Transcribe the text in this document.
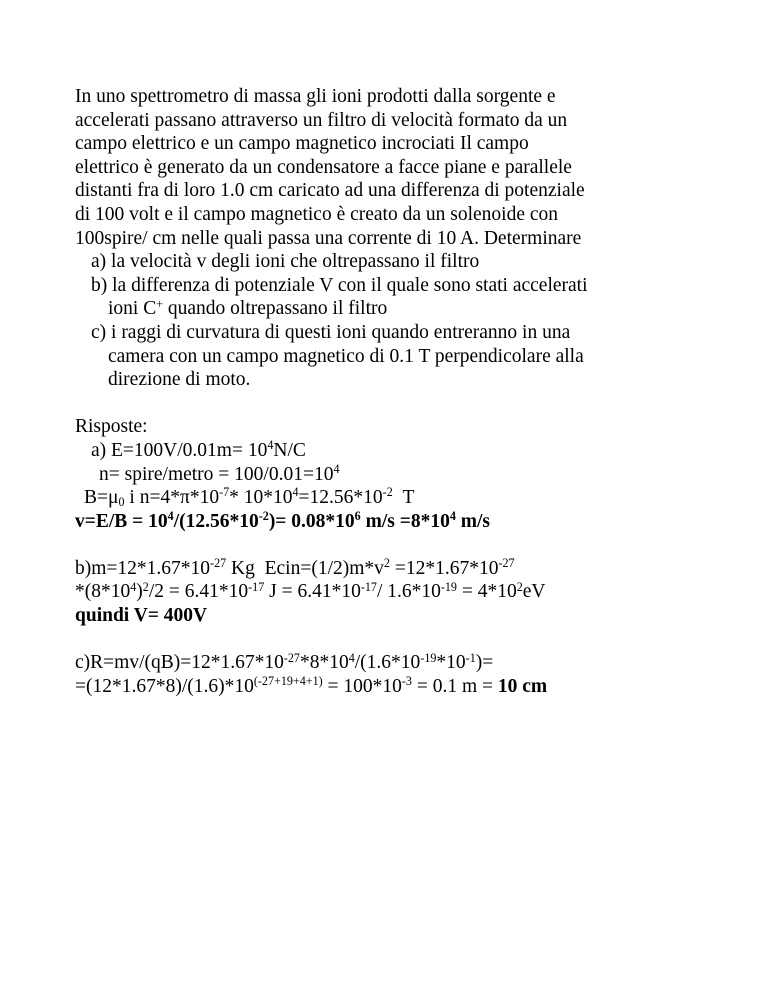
In uno spettrometro di massa gli ioni prodotti dalla sorgente e
accelerati passano attraverso un filtro di velocità formato da un
campo elettrico e un campo magnetico incrociati Il campo
elettrico è generato da un condensatore a facce piane e parallele
distanti fra di loro 1.0 cm caricato ad una differenza di potenziale
di 100 volt e il campo magnetico è creato da un solenoide con
100spire/ cm nelle quali passa una corrente di 10 A. Determinare
a) la velocità v degli ioni che oltrepassano il filtro
b) la differenza di potenziale V con il quale sono stati accelerati
ioni C+ quando oltrepassano il filtro
c) i raggi di curvatura di questi ioni quando entreranno in una
camera con un campo magnetico di 0.1 T perpendicolare alla
direzione di moto.
Risposte:
a) $E=100V/0.01m= 10^4N/C$
n= spire/metro = $100/0.01=10^4$
$B=\mu_0$ i $n=4*\pi*10^{-7}*$ $10*10^4=12.56*10^{-2}$  T
$v=E/B = 10^4/(12.56*10^{-2})= 0.08*10^6$ $m/s =8*10^4$ m/s
$b)m=12*1.67*10^{-27}$ Kg  $Ecin=(1/2)m*v^2 =12*1.67*10^{-27}$
$*(8*10^4)^2/2 = 6.41*10^{-17}$ $J = 6.41*10^{-17}/$ $1.6*10^{-19} = 4*10^2eV$
quindi V= 400V
$c)R=mv/(qB)=12*1.67*10^{-27}*8*10^4/(1.6*10^{-19}*10^{-1})=$
$=(12*1.67*8)/(1.6)*10^{(-27+19+4+1)} = 100*10^{-3} = 0.1$ m = 10 cm
